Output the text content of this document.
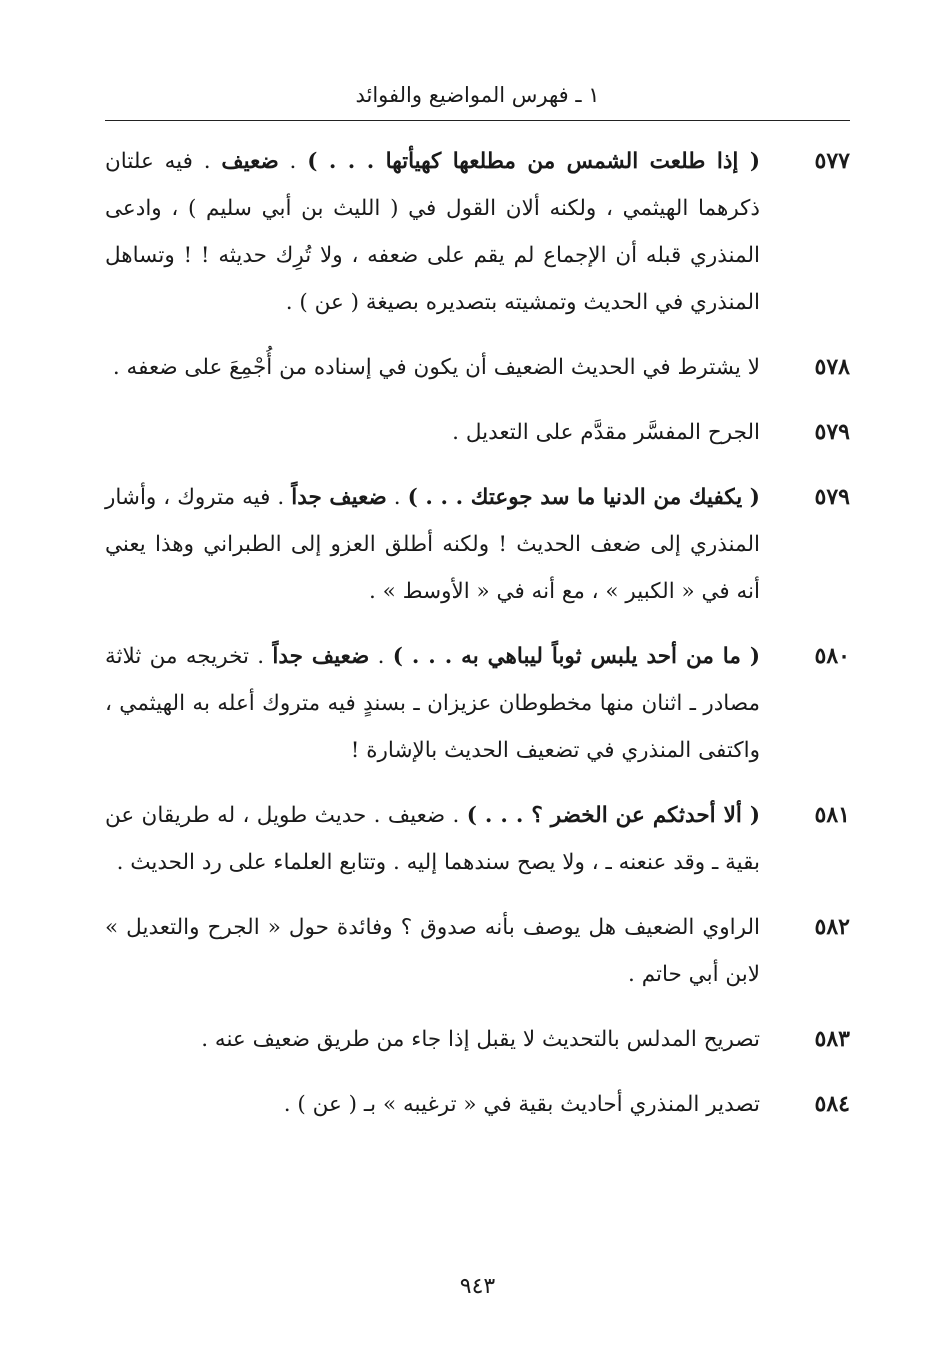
١ ـ فهرس المواضيع والفوائد
٥٧٧
( إذا طلعت الشمس من مطلعها كهيأتها . . . ) . ضعيف . فيه علتان ذكرهما الهيثمي ، ولكنه ألان القول في ( الليث بن أبي سليم ) ، وادعى المنذري قبله أن الإجماع لم يقم على ضعفه ، ولا تُرِك حديثه ! ! وتساهل المنذري في الحديث وتمشيته بتصديره بصيغة ( عن ) .
٥٧٨
لا يشترط في الحديث الضعيف أن يكون في إسناده من أُجْمِعَ على ضعفه .
٥٧٩
الجرح المفسَّر مقدَّم على التعديل .
٥٧٩
( يكفيك من الدنيا ما سد جوعتك . . . ) . ضعيف جداً . فيه متروك ، وأشار المنذري إلى ضعف الحديث ! ولكنه أطلق العزو إلى الطبراني وهذا يعني أنه في « الكبير » ، مع أنه في « الأوسط » .
٥٨٠
( ما من أحد يلبس ثوباً ليباهي به . . . ) . ضعيف جداً . تخريجه من ثلاثة مصادر ـ اثنان منها مخطوطان عزيزان ـ بسندٍ فيه متروك أعله به الهيثمي ، واكتفى المنذري في تضعيف الحديث بالإشارة !
٥٨١
( ألا أحدثكم عن الخضر ؟ . . . ) . ضعيف . حديث طويل ، له طريقان عن بقية ـ وقد عنعنه ـ ، ولا يصح سندهما إليه . وتتابع العلماء على رد الحديث .
٥٨٢
الراوي الضعيف هل يوصف بأنه صدوق ؟ وفائدة حول « الجرح والتعديل » لابن أبي حاتم .
٥٨٣
تصريح المدلس بالتحديث لا يقبل إذا جاء من طريق ضعيف عنه .
٥٨٤
تصدير المنذري أحاديث بقية في « ترغيبه » بـ ( عن ) .
٩٤٣
